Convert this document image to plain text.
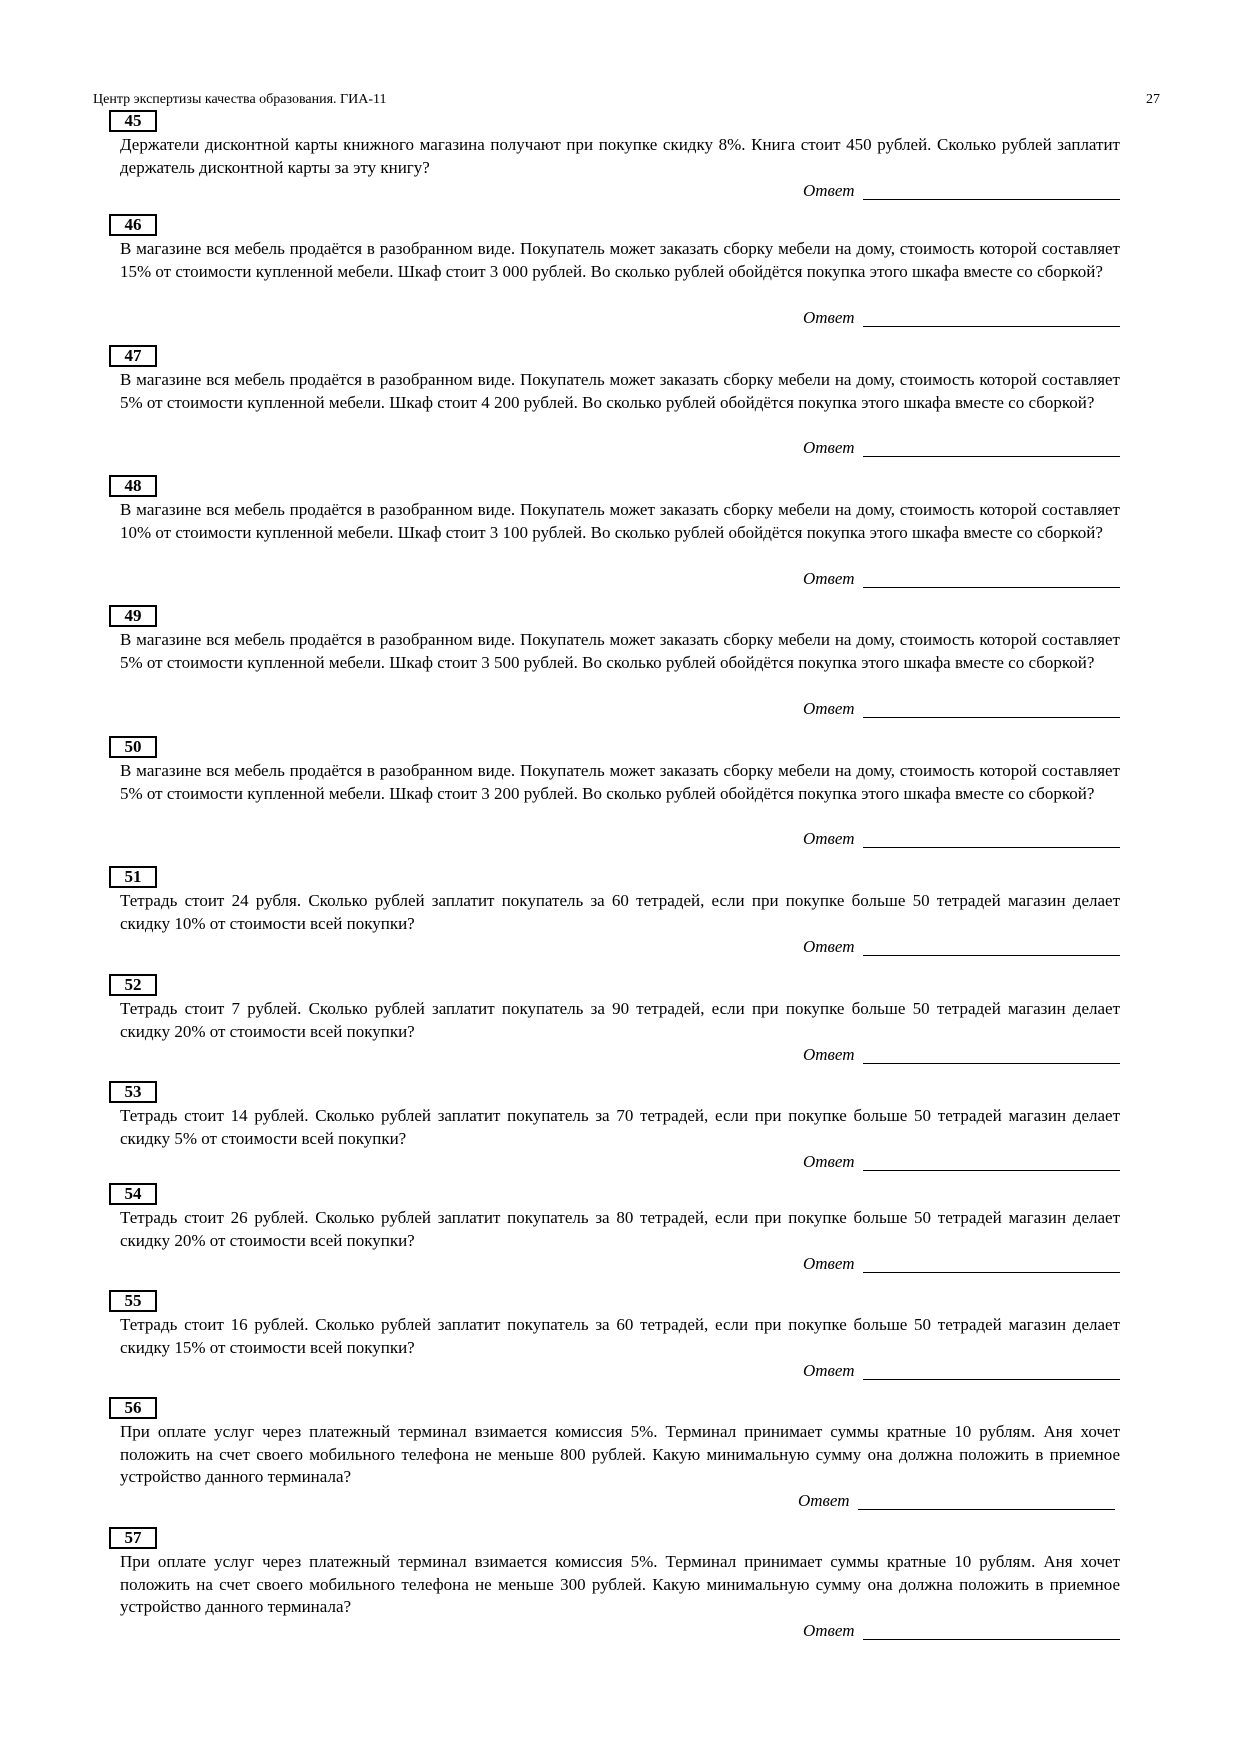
Центр экспертизы качества образования. ГИА-11	27
45

Держатели дисконтной карты книжного магазина получают при покупке скидку 8%. Книга стоит 450 рублей. Сколько рублей заплатит держатель дисконтной карты за эту книгу?

Ответ
46

В магазине вся мебель продаётся в разобранном виде. Покупатель может заказать сборку мебели на дому, стоимость которой составляет 15% от стоимости купленной мебели. Шкаф стоит 3 000 рублей. Во сколько рублей обойдётся покупка этого шкафа вместе со сборкой?

Ответ
47

В магазине вся мебель продаётся в разобранном виде. Покупатель может заказать сборку мебели на дому, стоимость которой составляет 5% от стоимости купленной мебели. Шкаф стоит 4 200 рублей. Во сколько рублей обойдётся покупка этого шкафа вместе со сборкой?

Ответ
48

В магазине вся мебель продаётся в разобранном виде. Покупатель может заказать сборку мебели на дому, стоимость которой составляет 10% от стоимости купленной мебели. Шкаф стоит 3 100 рублей. Во сколько рублей обойдётся покупка этого шкафа вместе со сборкой?

Ответ
49

В магазине вся мебель продаётся в разобранном виде. Покупатель может заказать сборку мебели на дому, стоимость которой составляет 5% от стоимости купленной мебели. Шкаф стоит 3 500 рублей. Во сколько рублей обойдётся покупка этого шкафа вместе со сборкой?

Ответ
50

В магазине вся мебель продаётся в разобранном виде. Покупатель может заказать сборку мебели на дому, стоимость которой составляет 5% от стоимости купленной мебели. Шкаф стоит 3 200 рублей. Во сколько рублей обойдётся покупка этого шкафа вместе со сборкой?

Ответ
51

Тетрадь стоит 24 рубля. Сколько рублей заплатит покупатель за 60 тетрадей, если при покупке больше 50 тетрадей магазин делает скидку 10% от стоимости всей покупки?

Ответ
52

Тетрадь стоит 7 рублей. Сколько рублей заплатит покупатель за 90 тетрадей, если при покупке больше 50 тетрадей магазин делает скидку 20% от стоимости всей покупки?

Ответ
53

Тетрадь стоит 14 рублей. Сколько рублей заплатит покупатель за 70 тетрадей, если при покупке больше 50 тетрадей магазин делает скидку 5% от стоимости всей покупки?

Ответ
54

Тетрадь стоит 26 рублей. Сколько рублей заплатит покупатель за 80 тетрадей, если при покупке больше 50 тетрадей магазин делает скидку 20% от стоимости всей покупки?

Ответ
55

Тетрадь стоит 16 рублей. Сколько рублей заплатит покупатель за 60 тетрадей, если при покупке больше 50 тетрадей магазин делает скидку 15% от стоимости всей покупки?

Ответ
56

При оплате услуг через платежный терминал взимается комиссия 5%. Терминал принимает суммы кратные 10 рублям. Аня хочет положить на счет своего мобильного телефона не меньше 800 рублей. Какую минимальную сумму она должна положить в приемное устройство данного терминала?

Ответ
57

При оплате услуг через платежный терминал взимается комиссия 5%. Терминал принимает суммы кратные 10 рублям. Аня хочет положить на счет своего мобильного телефона не меньше 300 рублей. Какую минимальную сумму она должна положить в приемное устройство данного терминала?

Ответ
